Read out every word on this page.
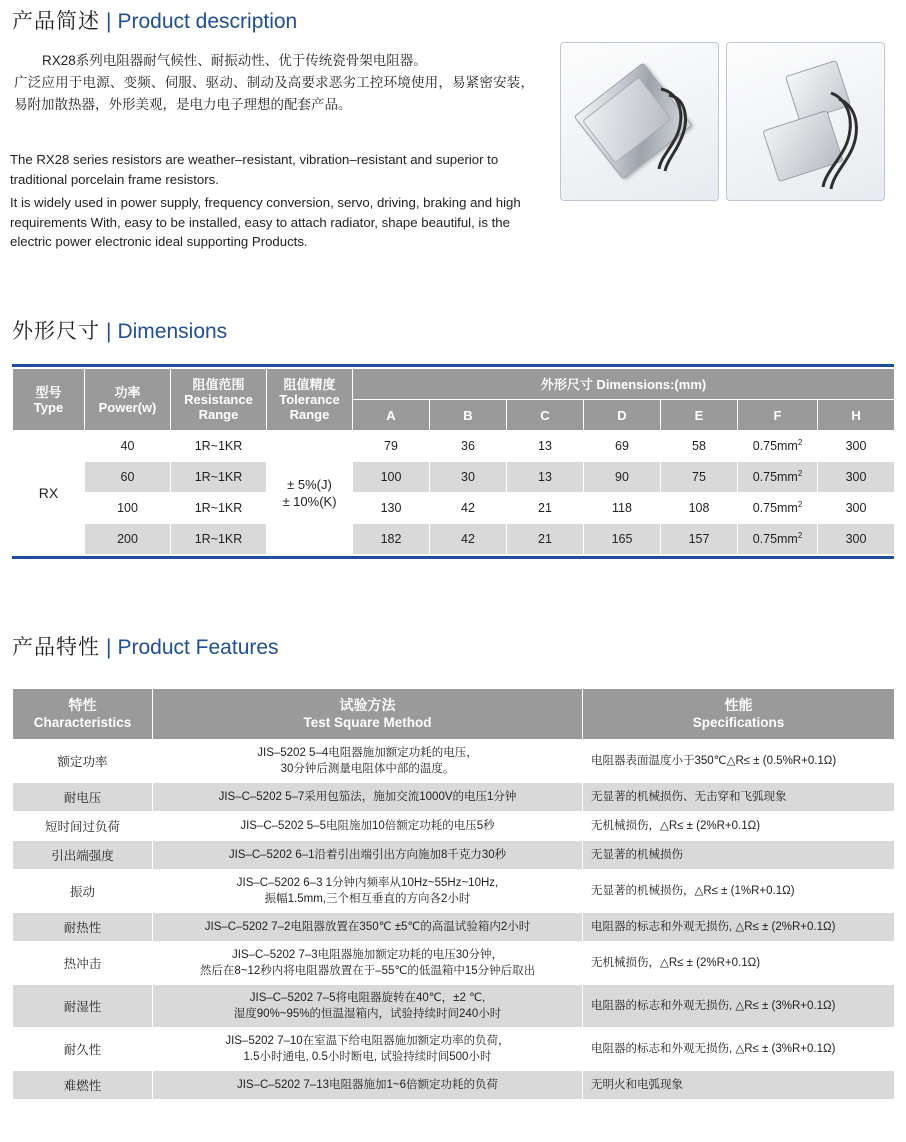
产品简述 | Product description

RX28系列电阻器耐气候性、耐振动性、优于传统瓷骨架电阻器。

广泛应用于电源、变频、伺服、驱动、制动及高要求恶劣工控环境使用，易紧密安装，易附加散热器，外形美观，是电力电子理想的配套产品。

The RX28 series resistors are weather–resistant, vibration–resistant and superior to traditional porcelain frame resistors.

It is widely used in power supply, frequency conversion, servo, driving, braking and high requirements With, easy to be installed, easy to attach radiator, shape beautiful, is the electric power electronic ideal supporting Products.

外形尺寸 | Dimensions
型号
Type	功率
Power(w)	阻值范围
Resistance
Range	阻值精度
Tolerance
Range	外形尺寸 Dimensions:(mm)						
				A	B	C	D	E	F	H
RX	40	1R~1KR	± 5%(J)
± 10%(K)	79	36	13	69	58	$0.75mm^2$	300
	60	1R~1KR		100	30	13	90	75	$0.75mm^2$	300
	100	1R~1KR		130	42	21	118	108	$0.75mm^2$	300
	200	1R~1KR		182	42	21	165	157	$0.75mm^2$	300
产品特性 | Product Features
特性
Characteristics	试验方法
Test Square Method	性能
Specifications

额定功率	JIS–5202 5–4电阻器施加额定功耗的电压，
30分钟后测量电阻体中部的温度。	电阻器表面温度小于350℃△R≤ ± (0.5%R+0.1Ω)
耐电压	JIS–C–5202 5–7采用包笳法，施加交流1000V的电压1分钟	无显著的机械损伤、无击穿和飞弧现象
短时间过负荷	JIS–C–5202 5–5电阻施加10倍额定功耗的电压5秒	无机械损伤，△R≤ ± (2%R+0.1Ω)
引出端强度	JIS–C–5202 6–1沿着引出端引出方向施加8千克力30秒	无显著的机械损伤
振动	JIS–C–5202 6–3 1分钟内频率从10Hz~55Hz~10Hz,
振幅1.5mm,三个相互垂直的方向各2小时	无显著的机械损伤，△R≤ ± (1%R+0.1Ω)
耐热性	JIS–C–5202 7–2电阻器放置在350℃ ±5℃的高温试验箱内2小时	电阻器的标志和外观无损伤, △R≤ ± (2%R+0.1Ω)
热冲击	JIS–C–5202 7–3电阻器施加额定功耗的电压30分钟，
然后在8~12秒内将电阻器放置在于–55℃的低温箱中15分钟后取出	无机械损伤，△R≤ ± (2%R+0.1Ω)
耐湿性	JIS–C–5202 7–5将电阻器旋转在40℃，±2 ℃,
湿度90%~95%的恒温湿箱内，试验持续时间240小时	电阻器的标志和外观无损伤, △R≤ ± (3%R+0.1Ω)
耐久性	JIS–5202 7–10在室温下给电阻器施加额定功率的负荷，
1.5小时通电, 0.5小时断电, 试验持续时间500小时	电阻器的标志和外观无损伤, △R≤ ± (3%R+0.1Ω)
难燃性	JIS–C–5202 7–13电阻器施加1~6倍额定功耗的负荷	无明火和电弧现象
